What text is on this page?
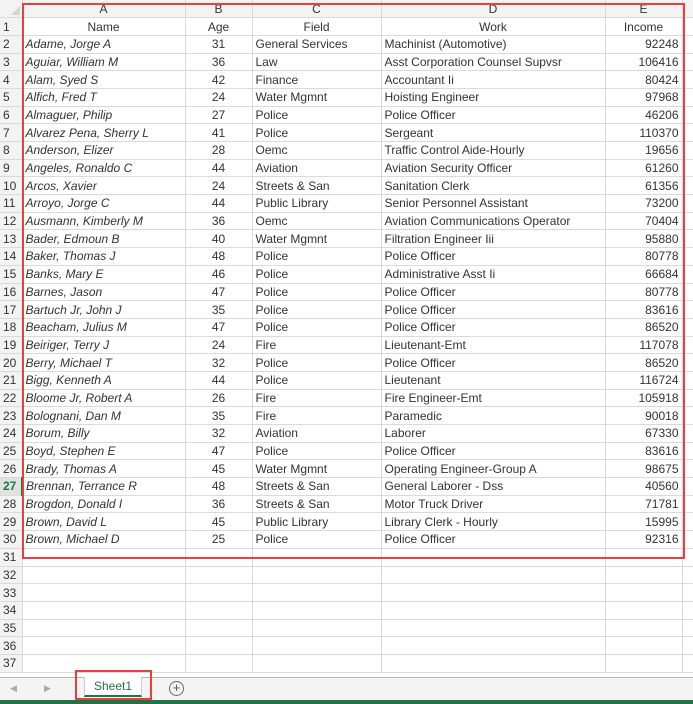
	A	B	C	D	E	
1	Name	Age	Field	Work	Income	
2	Adame, Jorge A	31	General Services	Machinist (Automotive)	92248	
3	Aguiar, William M	36	Law	Asst Corporation Counsel Supvsr	106416	
4	Alam, Syed S	42	Finance	Accountant Ii	80424	
5	Alfich, Fred T	24	Water Mgmnt	Hoisting Engineer	97968	
6	Almaguer, Philip	27	Police	Police Officer	46206	
7	Alvarez Pena, Sherry L	41	Police	Sergeant	110370	
8	Anderson, Elizer	28	Oemc	Traffic Control Aide-Hourly	19656	
9	Angeles, Ronaldo C	44	Aviation	Aviation Security Officer	61260	
10	Arcos, Xavier	24	Streets & San	Sanitation Clerk	61356	
11	Arroyo, Jorge C	44	Public Library	Senior Personnel Assistant	73200	
12	Ausmann, Kimberly M	36	Oemc	Aviation Communications Operator	70404	
13	Bader, Edmoun B	40	Water Mgmnt	Filtration Engineer Iii	95880	
14	Baker, Thomas J	48	Police	Police Officer	80778	
15	Banks, Mary E	46	Police	Administrative Asst Ii	66684	
16	Barnes, Jason	47	Police	Police Officer	80778	
17	Bartuch Jr, John J	35	Police	Police Officer	83616	
18	Beacham, Julius M	47	Police	Police Officer	86520	
19	Beiriger, Terry J	24	Fire	Lieutenant-Emt	117078	
20	Berry, Michael T	32	Police	Police Officer	86520	
21	Bigg, Kenneth A	44	Police	Lieutenant	116724	
22	Bloome Jr, Robert A	26	Fire	Fire Engineer-Emt	105918	
23	Bolognani, Dan M	35	Fire	Paramedic	90018	
24	Borum, Billy	32	Aviation	Laborer	67330	
25	Boyd, Stephen E	47	Police	Police Officer	83616	
26	Brady, Thomas A	45	Water Mgmnt	Operating Engineer-Group A	98675	
27	Brennan, Terrance R	48	Streets & San	General Laborer - Dss	40560	
28	Brogdon, Donald I	36	Streets & San	Motor Truck Driver	71781	
29	Brown, David L	45	Public Library	Library Clerk - Hourly	15995	
30	Brown, Michael D	25	Police	Police Officer	92316	
31						
32						
33						
34						
35						
36						
37						
◀	▶	Sheet1	+
